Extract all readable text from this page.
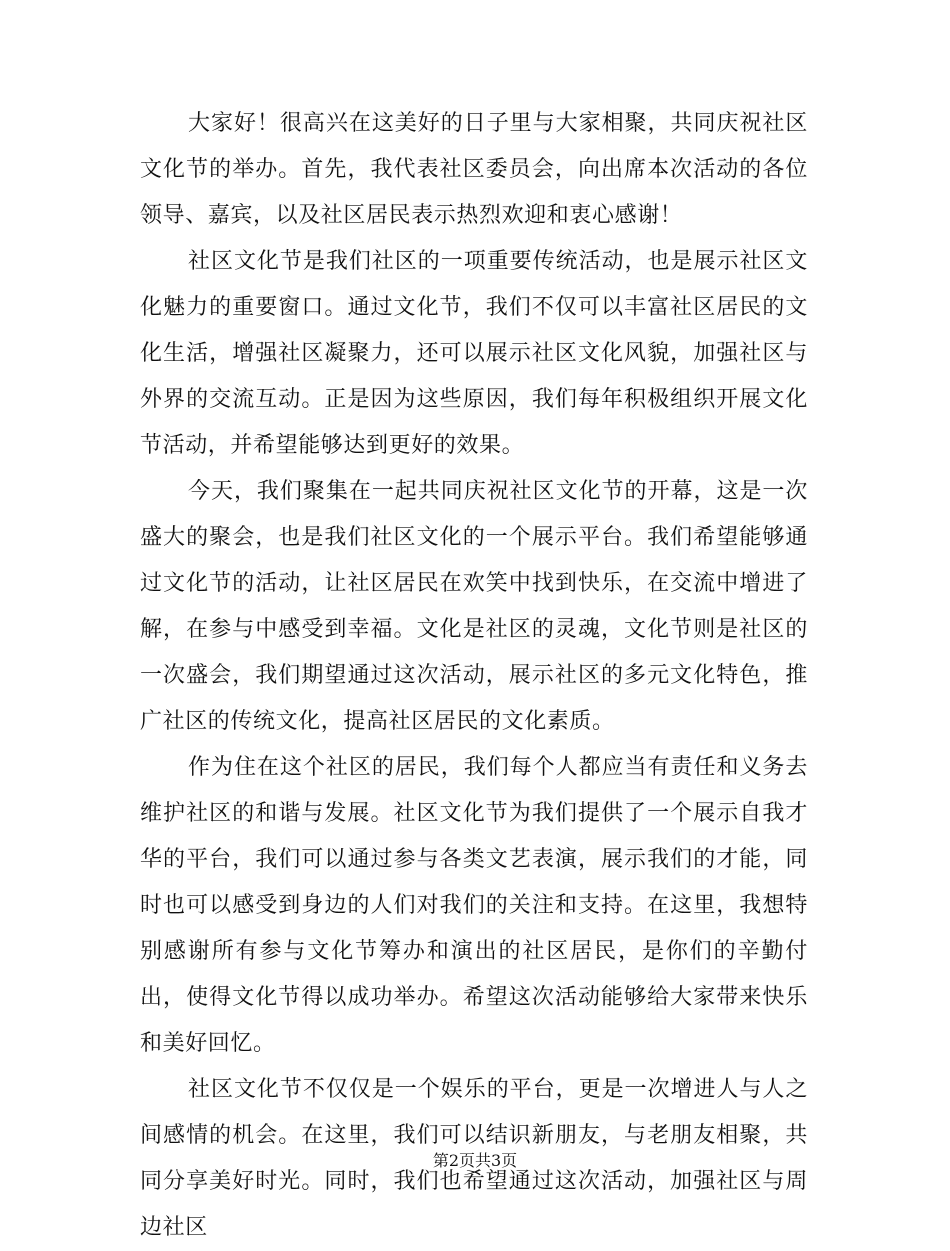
大家好！很高兴在这美好的日子里与大家相聚，共同庆祝社区文化节的举办。首先，我代表社区委员会，向出席本次活动的各位领导、嘉宾，以及社区居民表示热烈欢迎和衷心感谢！

社区文化节是我们社区的一项重要传统活动，也是展示社区文化魅力的重要窗口。通过文化节，我们不仅可以丰富社区居民的文化生活，增强社区凝聚力，还可以展示社区文化风貌，加强社区与外界的交流互动。正是因为这些原因，我们每年积极组织开展文化节活动，并希望能够达到更好的效果。

今天，我们聚集在一起共同庆祝社区文化节的开幕，这是一次盛大的聚会，也是我们社区文化的一个展示平台。我们希望能够通过文化节的活动，让社区居民在欢笑中找到快乐，在交流中增进了解，在参与中感受到幸福。文化是社区的灵魂，文化节则是社区的一次盛会，我们期望通过这次活动，展示社区的多元文化特色，推广社区的传统文化，提高社区居民的文化素质。

作为住在这个社区的居民，我们每个人都应当有责任和义务去维护社区的和谐与发展。社区文化节为我们提供了一个展示自我才华的平台，我们可以通过参与各类文艺表演，展示我们的才能，同时也可以感受到身边的人们对我们的关注和支持。在这里，我想特别感谢所有参与文化节筹办和演出的社区居民，是你们的辛勤付出，使得文化节得以成功举办。希望这次活动能够给大家带来快乐和美好回忆。

社区文化节不仅仅是一个娱乐的平台，更是一次增进人与人之间感情的机会。在这里，我们可以结识新朋友，与老朋友相聚，共同分享美好时光。同时，我们也希望通过这次活动，加强社区与周边社区

第2页共3页
